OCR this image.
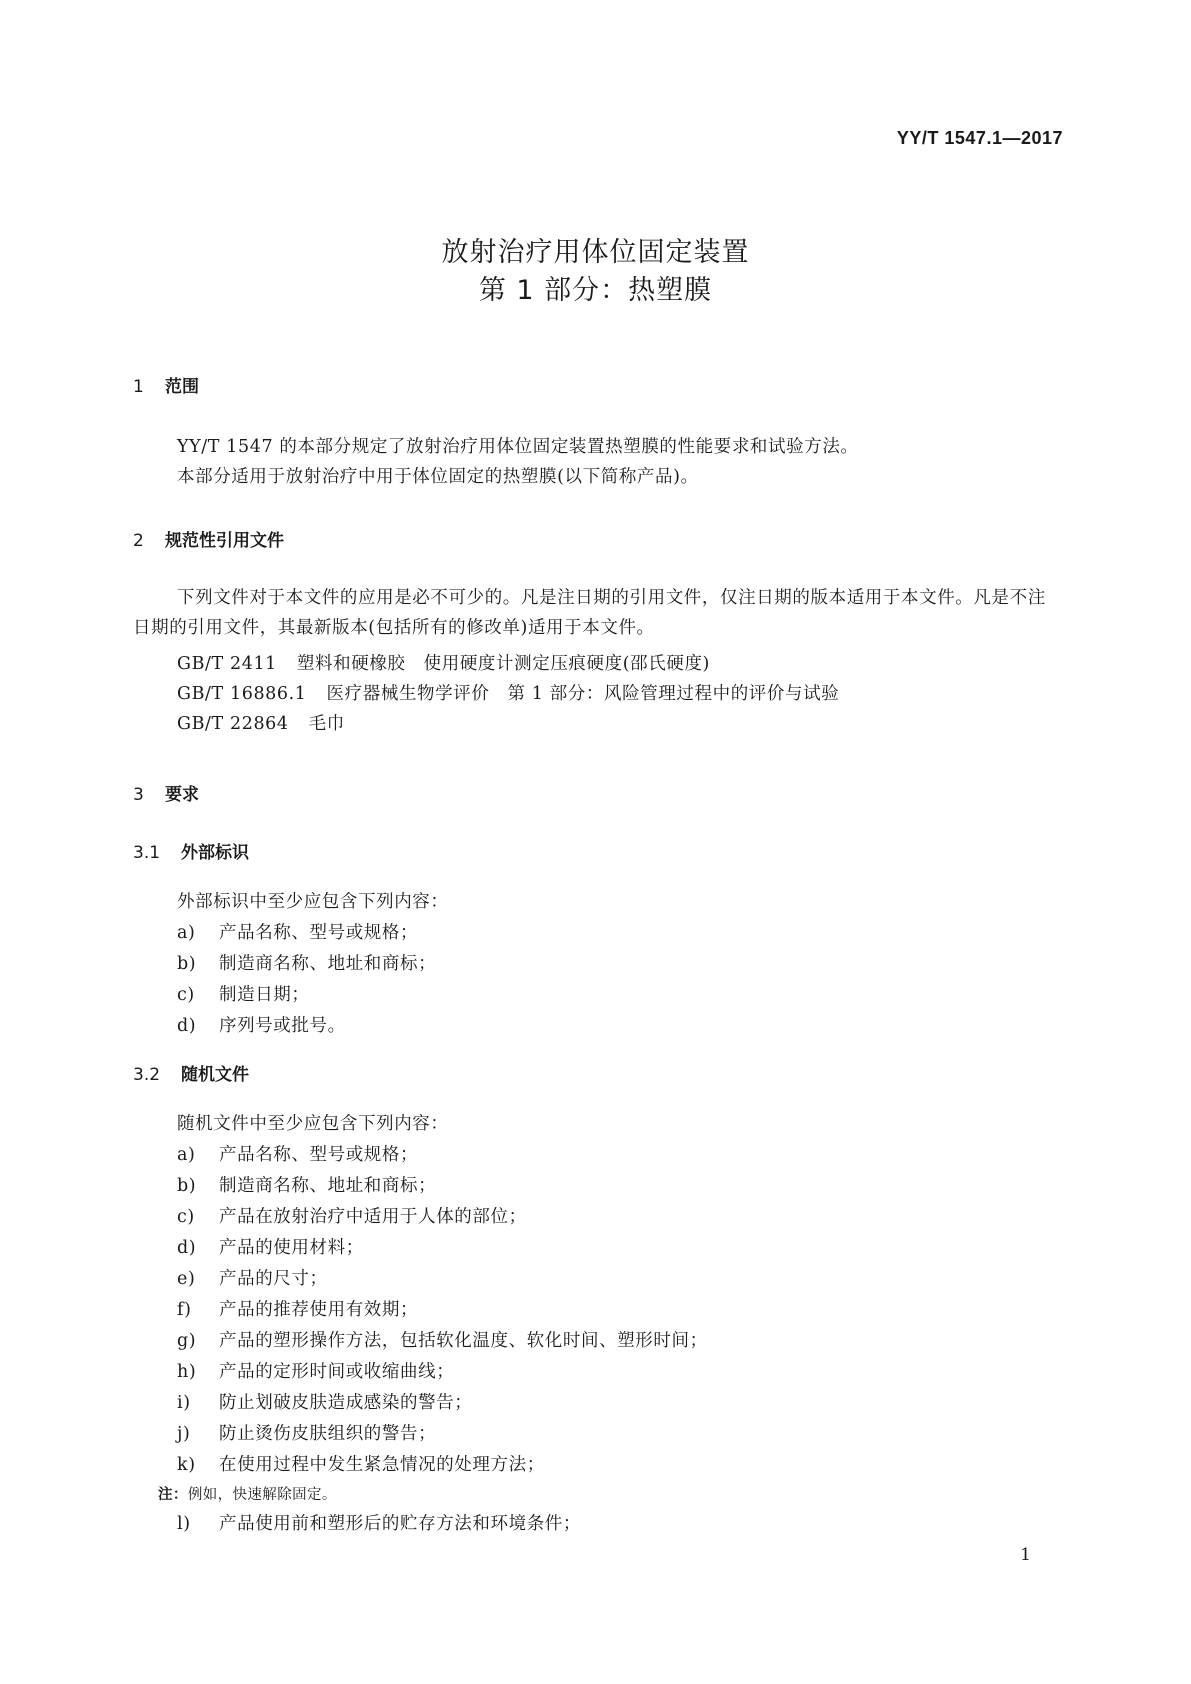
YY/T 1547.1—2017
放射治疗用体位固定装置
第 1 部分：热塑膜
1 范围
YY/T 1547 的本部分规定了放射治疗用体位固定装置热塑膜的性能要求和试验方法。
本部分适用于放射治疗中用于体位固定的热塑膜(以下简称产品)。
2 规范性引用文件
下列文件对于本文件的应用是必不可少的。凡是注日期的引用文件，仅注日期的版本适用于本文件。凡是不注日期的引用文件，其最新版本(包括所有的修改单)适用于本文件。
GB/T 2411 塑料和硬橡胶　使用硬度计测定压痕硬度(邵氏硬度)
GB/T 16886.1 医疗器械生物学评价　第 1 部分：风险管理过程中的评价与试验
GB/T 22864 毛巾
3 要求
3.1 外部标识
外部标识中至少应包含下列内容：
a) 产品名称、型号或规格；
b) 制造商名称、地址和商标；
c) 制造日期；
d) 序列号或批号。
3.2 随机文件
随机文件中至少应包含下列内容：
a) 产品名称、型号或规格；
b) 制造商名称、地址和商标；
c) 产品在放射治疗中适用于人体的部位；
d) 产品的使用材料；
e) 产品的尺寸；
f) 产品的推荐使用有效期；
g) 产品的塑形操作方法，包括软化温度、软化时间、塑形时间；
h) 产品的定形时间或收缩曲线；
i) 防止划破皮肤造成感染的警告；
j) 防止烫伤皮肤组织的警告；
k) 在使用过程中发生紧急情况的处理方法；
注：例如，快速解除固定。
l) 产品使用前和塑形后的贮存方法和环境条件；
1
